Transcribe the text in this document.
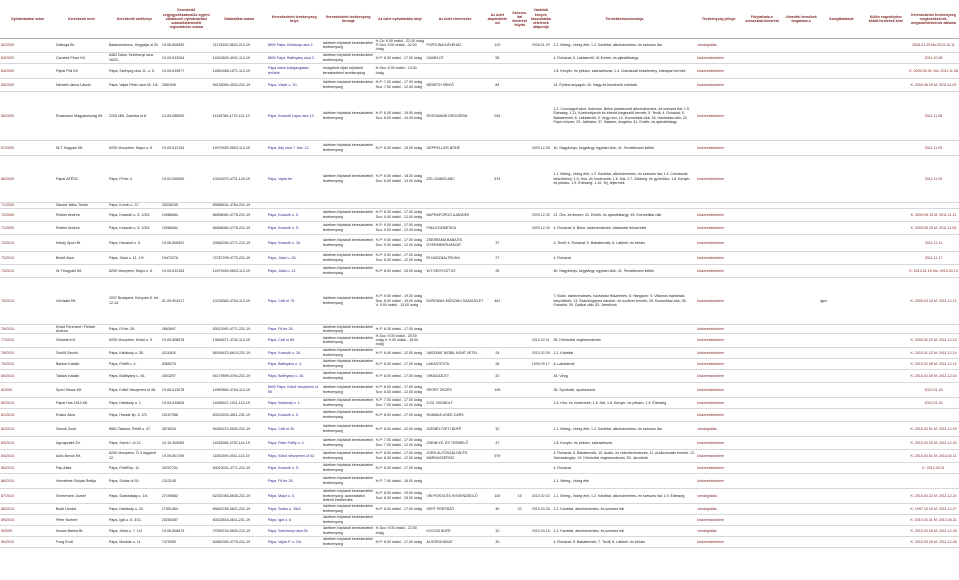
Nyilvántartási szám	Kereskedő neve	Kereskedő székhelye	Kereskedő cégjegyzékszáma/Az egyéni vállalkozói nyilvántartási száma/kistermelői regisztrációs száma	Statisztikai száma	Kereskedelmi tevékenység helye	Kereskedelmi tevékenység formája	Az üzlet nyitvatartási ideje	Az üzlet elnevezése	Az üzlet alapterülete m2	Szeszes-ital kimérést folytat	Vásárlók könyve használatba vételének időpontja	Termékkör/azonosítója	Tevékenység jellege	Folytatható-e szeszesital kimérést	Jövedéki termékek forgalmaz-e	Szolgáltatások	Külön engedélyhez kötött termékek köre	Kereskedelmi tevékenység megkezdésének, megszüntetésének dátuma
62/2009.	Delkogá Bt.	Balatonederics, Hegyalja út 30.	19-06-506530	21175220-5620-212-19	8500 Pápa, Kisfaludy utca 2.	üzletben folytatott kereskedelmi tevékenység	H-Cs: 9.00 órától - 22.00 óráig P-Szo: 9.00 órától - 02.00 óráig	FORTUNA KÁVÉHÁZ	120		2008.01.29	1.2. Meleg-, hideg étel; 1.2. Kávéital, alkoholmentes- és szeszes ital	vendéglátás					2008.01.29 Mo:2013.10.11
63/2009	Camelot Plusz Kft.	8482 Doba, Széchenyi utca 162/2.	19-09-512054	14343629-4941-113-19	8500 Pápa, Batthyány utca 3.	üzletben folytatott kereskedelmi tevékenység	H-P: 8.00 órától - 17.00 óráig	CAMELOT	55			4. Ruházat; 6. Lakástextil; 41.Emlék- és ajándéktárgy	kiskereskedelem					2011.10.28
64/2009	Pápai Póli Kft.	Pápa, Szőnyeg utca 11. u. 5.	19-09-510877	14552458-1071-113-19	Pápa város közigazgatási területe	mozgóbolt útján folytatott kereskedelmi tevékenység	H-Szo: 6.00 órától - 13.00 óráig					1.8. Kenyér- és pékáru, száraztészta; 1.4. Cukrászati készítmény, édesipari termék	kiskereskedelem					K: 2009.06.26. Mo: 2011.11.08
65/2009	Németh János László	Pápa, Vajda Péter utca 45. 1/6.	2981949	54135064-4533-231-19	Pápa, Vásár u. 30.	üzletben folytatott kereskedelmi tevékenység	H-P: 7.00 órától - 17.00 óráig Szo: 7.00 órától - 12.00 óráig	NÉMETH SÍRKŐ	84			14. Építési anyagok; 40. Nagy-és kisméretű sírkövek	kiskereskedelem					K: 2009.06.29 M: 2011.11.03
66/2009	Rossmann Magyarország Kft.	2225 Üllő, Zsaróka út 8.	13-09-088090	11149769-4775-113-13	Pápa, Kossuth Lajos utca 13.	üzletben folytatott kereskedelmi tevékenység	H-P: 8.00 órától - 19.00 óráig Szo: 8.00 órától - 14.00 óráig	ROSSMANN DROGÉRIA	254			1.3. Csomagolt kávé, dobozos, illetve palackozott alkoholmentes- és szeszes ital; 1.9. Édesség; 1.11. Közérzetjavító és étrend-kiegészítő termék; 5. Textil; 4. Ruházat; 5. Babatermék; 6. Lakástextil; 9. Vegyi áru; 10. Kozmetikai cikk; 18. Háztartási cikk; 22. Papír-írószer; 29. Játékáru; 37. Illatszer, drogéria; 41. Emlék- és ajándéktárgy	kiskereskedelem					2011.11.08
67/2009	W.T. Kagyaló Kft.	8200 Veszprém, Major u. 8.	19-09-512154	14979493-9603-113-19	Pápa, Ady utca 7. fszt. 12.	üzletben folytatott kereskedelmi tevékenység	H-P: 8.00 órától - 15.00 óráig	GEPPELLIUS BÓDÉ			2009.12.28	40. Nagykönyv, kegytárgy, egyházi cikk; 41. Temetkezési kellék	kiskereskedelem					2011.11.09
68/2009	Pápai ÁFÉSZ	Pápa, Fő tér 4.	19-02-000060	10043470-4711-129-19	Pápa, Vajda tér	üzletben folytatott kereskedelmi tevékenység	H-P: 6.00 órától - 18.00 óráig Szo: 6.00 órától - 13.00 óráig	ZÖL SZABÓ ABC	574			1.1. Meleg-, hideg étel; 1.2. Kávéital, alkoholmentes- és szeszes ital; 1.4. Cukrászati készítmény; 1.5. Hús- és hústermék; 1.6. Hal; 1.7. Zöldség- és gyümölcs; 1.8. Kenyér- és pékáru; 1.9. Édesség; 1.10. Tej, tejtermék	kiskereskedelem					2011.11.09
71/2009.	Sándor Ildikó Tünde	Pápa, Korvin u. 37.	25336155	65586531-4764-231-19														
72/2009.	Reisler Andrea	Pápa, Kossuth u. 5. 1/3/3.	19086084	66896060-4778-231-19	Pápa, Kossuth u. 5.	üzletben folytatott kereskedelmi tevékenység	H-P: 8.30 órától - 17.00 óráig Szo: 9.00 órától - 12.00 óráig	NAPRAFORGÓ AJÁNDÉK			2009.12.30	21. Óra- és ékszer; 41. Emlék- és ajándéktárgy; 45. Kozmetikai cikk	kiskereskedelem					K: 2009.05.15 M: 2011.11.11
71/2009	Reisler Andrea	Pápa, Kossuth u. 5. 1/3/3.	19086084	66896060-4778-231-19	Pápa, Kossuth u. 5.	üzletben folytatott kereskedelmi tevékenység	H-P: 9.00 órától - 17.00 óráig Szo: 9.00 órától - 12.00 óráig	FINA KOZMETIKA			2009.12.30	4. Ruházat; 6. Bútor, lakberendezés, háztartási felszerelés	kiskereskedelem					K: 2009.05.15 M: 2011.11.06
72/2010.	Kékdy Sport Bt.	Pápa, Kisvasút u. 5.	19-06-506901	20582254-4771-212-19	Pápa, Kossuth u. 30.	üzletben folytatott kereskedelmi tevékenység	H-P: 9.00 órától - 17.00 óráig Szo: 9.00 órától - 12.00 óráig	ZSEBRAMA BABA ÉS GYERMEKRUHÁZAT	37			3. Textil; 4. Ruházat; 5. Babatermék; 8. Lábbeli- és bőráru	kiskereskedelem					2011.11.11
73/2010.	Bestő Ákos	Pápa, Jókai u. 11. 1/9.	19470278	74757299-4779-231-19	Pápa, Jókai u. 26.	üzletben folytatott kereskedelmi tevékenység	H-P: 9.00 órától - 17.00 óráig Szo: 8.00 órától - 12.00 óráig	ÍR HASZNÁLTRUHA	27			4. Ruházat	kiskereskedelem					2011.11.17
74/2010	W.T.Kagyaló Kft.	8200 Veszprém, Major u. 8.	19-09-512154	14979493-9603-113-19	Pápa, Jókai u. 12.	üzletben folytatott kereskedelmi tevékenység	H-P: 8.00 órától - 15.00 óráig	W.T.KEGYSZT BT.	26			40. Nagykönyv, kegytárgy, egyházi cikk; 41. Temetkezési kellék	kiskereskedelem					K: 2014.01.15 Mo: 2014.03.13
75/2010.	Vörösaki Kft.	1097 Budapest, Könyves K. krt. 12-14.	01-09-904217	10235362-4754-113-19	Pápa, Celli út 75.	üzletben folytatott kereskedelmi tevékenység	H-P: 9.00 órától - 19.00 óráig Szo: 8.00 órától - 15.00 óráig V: 9.00 órától - 13.00 óráig	EUROMAX MŰSZAKI SZAKÜZLET	461			7. Bútor, lakberendezés, háztartási felszerelés; 8. Hangszer; 9. Villamos háztartási készülékek; 13. Számítógépes hardver- és szoftver termék; 28. Kozmetikai cikk; 36. Fotócikk; 39. Optikai cikk; 53. Járművek	kiskereskedelem			igen		K: 2009.03.24 M: 2011.12.12
76/2010.	Kristó Ferencné / Reisler Andrea	Pápa, Fő tér 28.	2663697	53012992-4771-231-19	Pápa, Fő tér 28.	üzletben folytatott kereskedelmi tevékenység	H-P: 8.30 órától - 17.00 óráig						kiskereskedelem					
77/2010	Globetel Kft.	8200 Veszprém, Kristó u. 5.	19-09-508678	13654571-4742-113-19	Pápa, Celli út 85.	üzletben folytatott kereskedelmi tevékenység	H-Szo: 9.00 órától - 20.00 óráig V: 9.00 órától - 18.00 óráig				2010.02.01	26. Hírközlési végberendezés	kiskereskedelem					K: 2009.02.22 M: 2011.12.13
78/2010	Szellő Gerold	Pápa, Kisfaludy u. 35.	4211604	56394470-6619-231-19	Pápa, Kossuth u. 26.	üzletben folytatott kereskedelmi tevékenység	H-P: 8.00 órától - 12.00 óráig	VASZMAT MOBIL KÁVÉ VETEL	24		2010.02.05	1.2. Kávéital	kiskereskedelem					K: 2010.01.22 M: 2011.12.14
79/2010	Bariton Katalin	Pápa, Petőfi u. 4.	8365276		Pápa, Batthyány u. 4.	üzletben folytatott kereskedelmi tevékenység	H-P: 8.00 órától - 17.00 óráig	LAKÁSTEXTIL	28		1999.09.17	6. Lakástextil	kiskereskedelem					K: 2010.02.08 M: 2011.12.14
80/2010.	Takács Katalin	Pápa, Batthyány u. 45.	4303297	54179599-4764-231-19	Pápa, Batthyány u. 45.	üzletben folytatott kereskedelmi tevékenység	H-P: 8.00 órától - 17.00 óráig	VIRÁGÜZLET	20			44. Virág	kiskereskedelem					K: 2010.02.09 M: 2011.12.15
8/2009.	Sport Össze Kft.	Pápa, Külső Veszprémi út 98.	19-06-513078	14950564-4764-113-19	8500 Pápa, Külső Veszprémi út 98.	üzletben folytatott kereskedelmi tevékenység	H-P: 8.00 órától - 17.00 óráig Szo: 8.00 órától - 12.00 óráig	SPORT ÖKZÉS	105			26. Sportcikk; sporteszköz	kiskereskedelem					2012.01.15
80/2010.	Pápai Hús 1913 Kft.	Pápa, Kisfaludy u. 1.	19-09-510826	14495447-1011-113-19	Pápa, Kisfaludy u. 1.	üzletben folytatott kereskedelmi tevékenység	H-P: 7.00 órától - 17.00 óráig Szo: 7.00 órától - 12.00 óráig	3.SZ. HÚSBOLT				1.5. Hús- és hústermék; 1.6. Hal; 1.8. Kenyér- és pékáru; 1.9. Édesség	kiskereskedelem					2012.01.15
81/2010.	Ruskó Ákos	Pápa, Huszár ltp. 3. 2/3.	20157288	60024243-4511-231-19	Pápa, Kossuth u. 5.	üzletben folytatott kereskedelmi tevékenység	H-P: 8.00 órától - 17.00 óráig	RUMAKA USED CARS					kiskereskedelem					
82/2010.	Szendi Zsolt	8561 Takácsi, Petőfi u. 47.	3678034	54264213-5630-231-19	Pápa, Celli út 30.	üzletben folytatott kereskedelmi tevékenység	H-P: 8.00 órától - 22.00 óráig	SZEMÉLYZETI BÜFÉ	32			1.1. Meleg-, hideg étel; 1.2. Kávéital, alkoholmentes- és szeszes ital	vendéglátás					K: 2010.03.01 M: 2011.12.19
83/2010.	Agrospraint Zrt.	Pápa, Szent I. út 12.	19-10-300063	11535266-4752-114-19	Pápa, Páter Pálffy u. 4.	üzletben folytatott kereskedelmi tevékenység	H-P: 7.00 órától - 17.00 óráig Szo: 7.00 órától - 12.00 óráig	ZSEMLYÉ- ÉS TERMELŐ	47			1.8. Kenyér- és pékáru, száraztészta	kiskereskedelem					K: 2010.03.03 M: 2011.12.20
84/2010.	Autó-Nexus Kft.	8200 Veszprém, Ő 4 üzgyünő 12.	19-09-501769	11052399-4511-113-19	Pápa, Külső Veszprémi út 52.	üzletben folytatott kereskedelmi tevékenység	H-P: 8.00 órától - 17.00 óráig Szo: 8.00 órától - 12.00 óráig	JORD AUTÓSZALON ÉS MÁRKASZERVÍZ	579			4. Ruházat; 5. Babatermék; 10. Audio- és videoberendezés; 11. Audiovizuális termék; 12. Szerszámgép; 19. Hírközlési végberendezés; 53. Járművek	kiskereskedelem					K: 2010.03.01 M: 2014.02.11
85/2010.	Pap Attila	Pápa, Petőfi ltp. 11.	20297231	60010031-4771-231-19	Pápa, Kossuth u. 5.	üzletben folytatott kereskedelmi tevékenység	H-P: 8.00 órától - 17.00 óráig					4. Ruházat	kiskereskedelem					K: 2010.03.01
86/2010.	Horváthné Gulyás Reálja	Pápa, Sóház út 30.	1313145		Pápa, Fő tér 28.	üzletben folytatott kereskedelmi tevékenység	H-P: 7.00 órától - 16.00 óráig					1.1. Meleg-, hideg étel	kiskereskedelem					
87/2010	Schermann József	Pápa, Szabadság u. 1/4.	27196682	62331083-5630-231-19	Pápa, Major u. 5.	üzletben folytatott kereskedelmi tevékenység, automatából történő értékesítés	H-P: 8.00 órától - 19.00 óráig Szo: 8.00 órától - 15.00 óráig	VÍN POSTA ÉS KISVENDÉGLŐ	100	15	2010.02.02	1.1. Meleg-, hideg étel; 1.2. Kávéital, alkoholmentes- és szeszes ital; 1.9. Édesség	vendéglátás					K: 2010.03.22 M: 2011.12.24
88/2010.	Bulai Lénárd	Pápa, Kisfaludy u. 20.	17591464	65603765-5621-231-19	Pápa, Szabó u. 35/A	üzletben folytatott kereskedelmi tevékenység	H-P: 8.00 órától - 17.00 óráig	KERT PRESSZÓ	40	22	2010.03.28	1.2. Kávéital, alkoholmentes- és szeszes ital	vendéglátás					K: 1997.10.10 M: 2011.12.27
89/2010.	Péter Norbert	Pápa, Igal u. 8. 3/11.	20280357	60332616-4611-231-19	Pápa, Igal u. 8.	üzletben folytatott kereskedelmi tevékenység							kiskereskedelem					K: 2010.03.31 M: 2013.04.31
9/2009.	Kocsis Barina Bt.	Pápa, Jókai u. 7. 1/4	19-06-506875	27594744-5630-212-19	Pápa, Széchenyi utca 26.	üzletben folytatott kereskedelmi tevékenység	H-Szo: 9.00 órától - 22.00 óráig	KOCSIS BÜFÉ	32		2010.03.16	1.2. Kávéital, alkoholmentes- és szeszes ital	vendéglátás					K: 2010.03.26 M: 2011.12.26
90/2010	Fong Ernő	Pápa, Munkás u. 11.	7475269	52862053-4779-231-19	Pápa, Vajda P. u. 2/A	üzletben folytatott kereskedelmi tevékenység	H-P: 8.00 órától - 17.00 óráig	ALSÓRUHÁZAT	30			4. Ruházat; 5. Babatermék; 7. Textil; 8. Lábbeli- és bőráru	kiskereskedelem					K: 2010.03.26 M: 2011.12.26
